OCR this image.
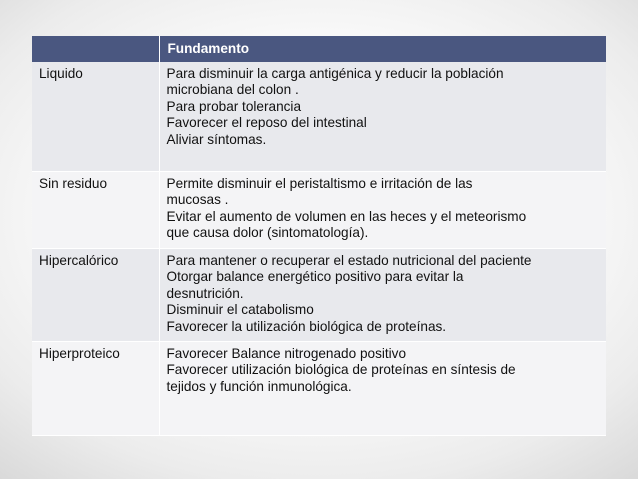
	Fundamento
Liquido	Para disminuir la carga antigénica y reducir la población
microbiana del colon .
Para probar tolerancia
Favorecer el reposo del intestinal
Aliviar síntomas.

Sin residuo	Permite disminuir el peristaltismo e irritación de las
mucosas .
Evitar el aumento de volumen en las heces y el meteorismo
que causa dolor (sintomatología).

Hipercalórico	Para mantener o recuperar el estado nutricional del paciente
Otorgar balance energético positivo para evitar la
desnutrición.
Disminuir el catabolismo
Favorecer la utilización biológica de proteínas.

Hiperproteico	Favorecer Balance nitrogenado positivo
Favorecer utilización biológica de proteínas en síntesis de
tejidos y función inmunológica.
